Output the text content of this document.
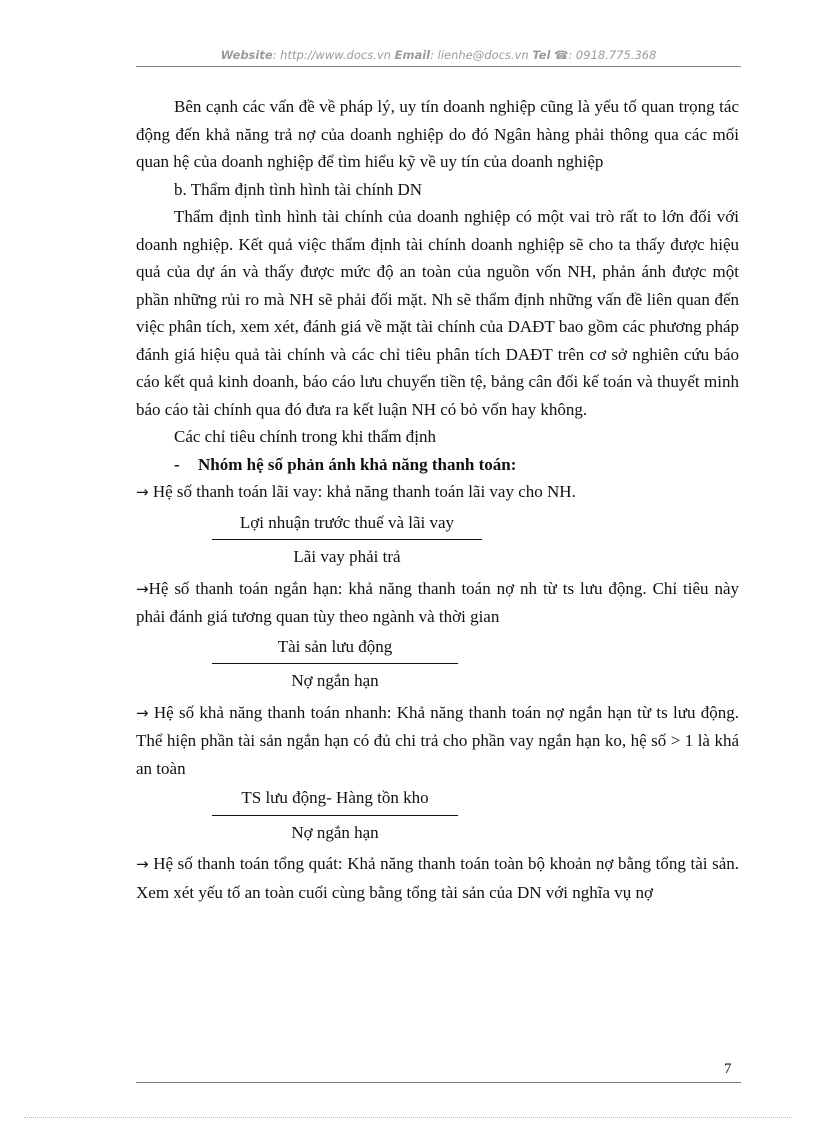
Website: http://www.docs.vn Email: lienhe@docs.vn Tel ☎: 0918.775.368

Bên cạnh các vấn đề về pháp lý, uy tín doanh nghiệp cũng là yếu tố quan trọng tác động đến khả năng trả nợ của doanh nghiệp do đó Ngân hàng phải thông qua các mối quan hệ của doanh nghiệp để tìm hiểu kỹ về uy tín của doanh nghiệp

b. Thẩm định tình hình tài chính DN

Thẩm định tình hình tài chính của doanh nghiệp có một vai trò rất to lớn đối với doanh nghiệp. Kết quả việc thẩm định tài chính doanh nghiệp sẽ cho ta thấy được hiệu quả của dự án và thấy được mức độ an toàn của nguồn vốn NH, phản ánh được một phần những rủi ro mà NH sẽ phải đối mặt. Nh sẽ thẩm định những vấn đề liên quan đến việc phân tích, xem xét, đánh giá về mặt tài chính của DAĐT bao gồm các phương pháp đánh giá hiệu quả tài chính và các chỉ tiêu phân tích DAĐT trên cơ sở nghiên cứu báo cáo kết quả kinh doanh, báo cáo lưu chuyển tiền tệ, bảng cân đối kế toán và thuyết minh báo cáo tài chính qua đó đưa ra kết luận NH có bỏ vốn hay không.

Các chỉ tiêu chính trong khi thẩm định

- Nhóm hệ số phản ánh khả năng thanh toán:

→ Hệ số thanh toán lãi vay: khả năng thanh toán lãi vay cho NH.

Lợi nhuận trước thuế và lãi vay
Lãi vay phải trả

→Hệ số thanh toán ngắn hạn: khả năng thanh toán nợ nh từ ts lưu động. Chỉ tiêu này phải đánh giá tương quan tùy theo ngành và thời gian

Tài sản lưu động
Nợ ngắn hạn

→ Hệ số khả năng thanh toán nhanh: Khả năng thanh toán nợ ngắn hạn từ ts lưu động. Thể hiện phần tài sản ngắn hạn có đủ chi trả cho phần vay ngắn hạn ko, hệ số > 1 là khá an toàn

TS lưu động- Hàng tồn kho
Nợ ngắn hạn

→ Hệ số thanh toán tổng quát: Khả năng thanh toán toàn bộ khoản nợ bằng tổng tài sản. Xem xét yếu tố an toàn cuối cùng bằng tổng tài sản của DN với nghĩa vụ nợ

7
